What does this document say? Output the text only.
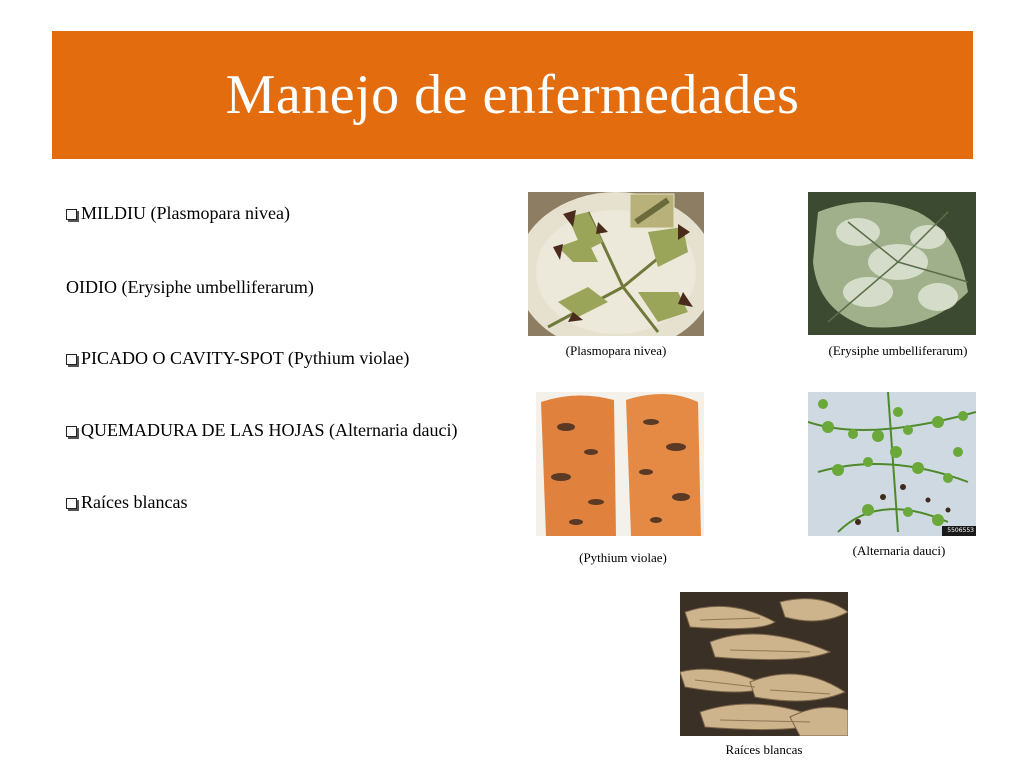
Manejo de enfermedades
MILDIU (Plasmopara nivea)
OIDIO (Erysiphe umbelliferarum)
PICADO O CAVITY-SPOT (Pythium violae)
QUEMADURA DE LAS HOJAS (Alternaria dauci)
Raíces blancas
(Plasmopara nivea)	(Erysiphe umbelliferarum)
(Pythium violae)
5506553
(Alternaria dauci)
Raíces blancas
